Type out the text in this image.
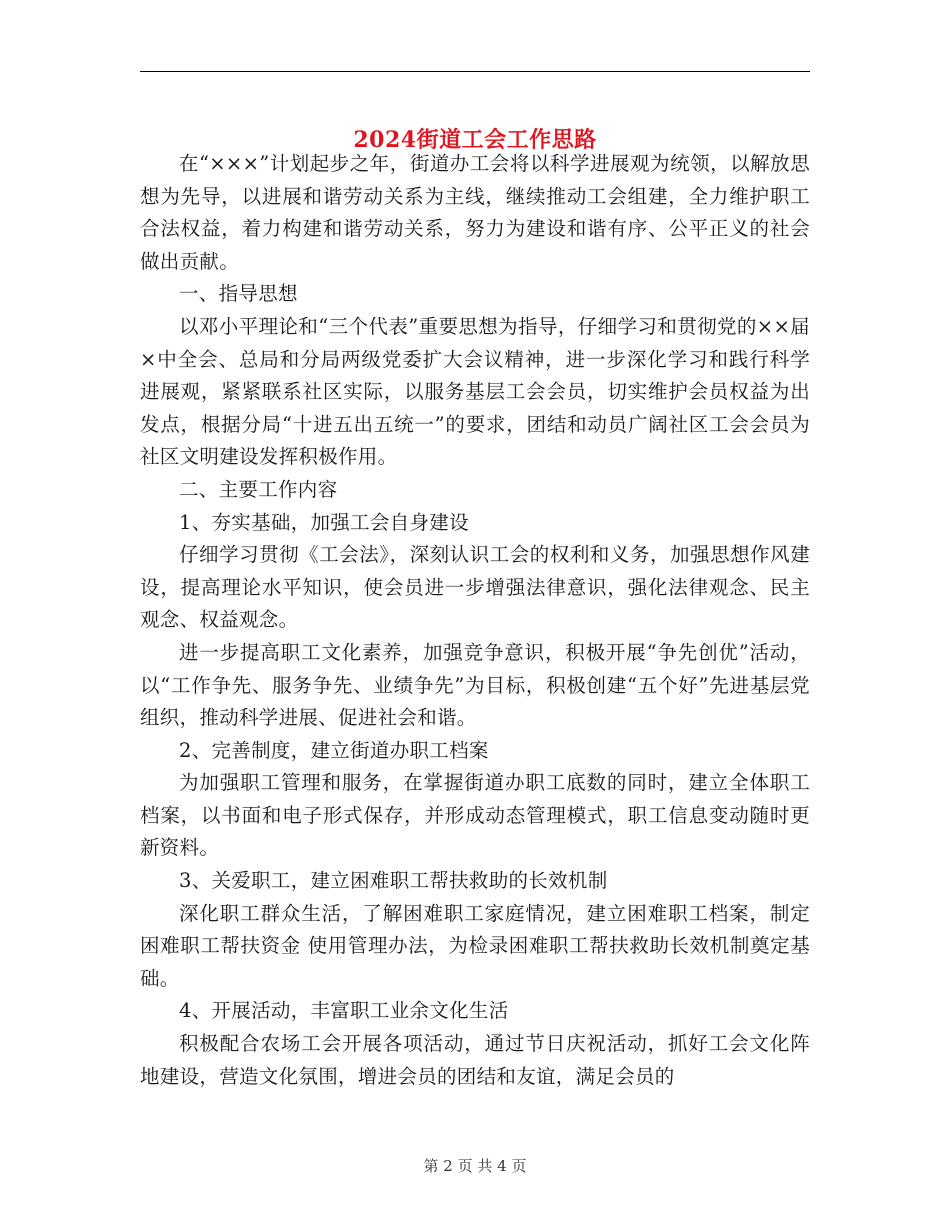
2024街道工会工作思路

在“×××”计划起步之年，街道办工会将以科学进展观为统领，以解放思想为先导，以进展和谐劳动关系为主线，继续推动工会组建，全力维护职工合法权益，着力构建和谐劳动关系，努力为建设和谐有序、公平正义的社会做出贡献。

一、指导思想

以邓小平理论和“三个代表”重要思想为指导，仔细学习和贯彻党的××届×中全会、总局和分局两级党委扩大会议精神，进一步深化学习和践行科学进展观，紧紧联系社区实际，以服务基层工会会员，切实维护会员权益为出发点，根据分局“十进五出五统一”的要求，团结和动员广阔社区工会会员为社区文明建设发挥积极作用。

二、主要工作内容

1、夯实基础，加强工会自身建设

仔细学习贯彻《工会法》，深刻认识工会的权利和义务，加强思想作风建设，提高理论水平知识，使会员进一步增强法律意识，强化法律观念、民主观念、权益观念。

进一步提高职工文化素养，加强竞争意识，积极开展“争先创优”活动， 以“工作争先、服务争先、业绩争先”为目标，积极创建“五个好”先进基层党组织，推动科学进展、促进社会和谐。

2、完善制度，建立街道办职工档案

为加强职工管理和服务，在掌握街道办职工底数的同时，建立全体职工档案，以书面和电子形式保存，并形成动态管理模式，职工信息变动随时更新资料。

3、关爱职工，建立困难职工帮扶救助的长效机制

深化职工群众生活，了解困难职工家庭情况，建立困难职工档案，制定困难职工帮扶资金 使用管理办法，为检录困难职工帮扶救助长效机制奠定基础。

4、开展活动，丰富职工业余文化生活

积极配合农场工会开展各项活动，通过节日庆祝活动，抓好工会文化阵地建设，营造文化氛围，增进会员的团结和友谊，满足会员的

第 2 页 共 4 页
